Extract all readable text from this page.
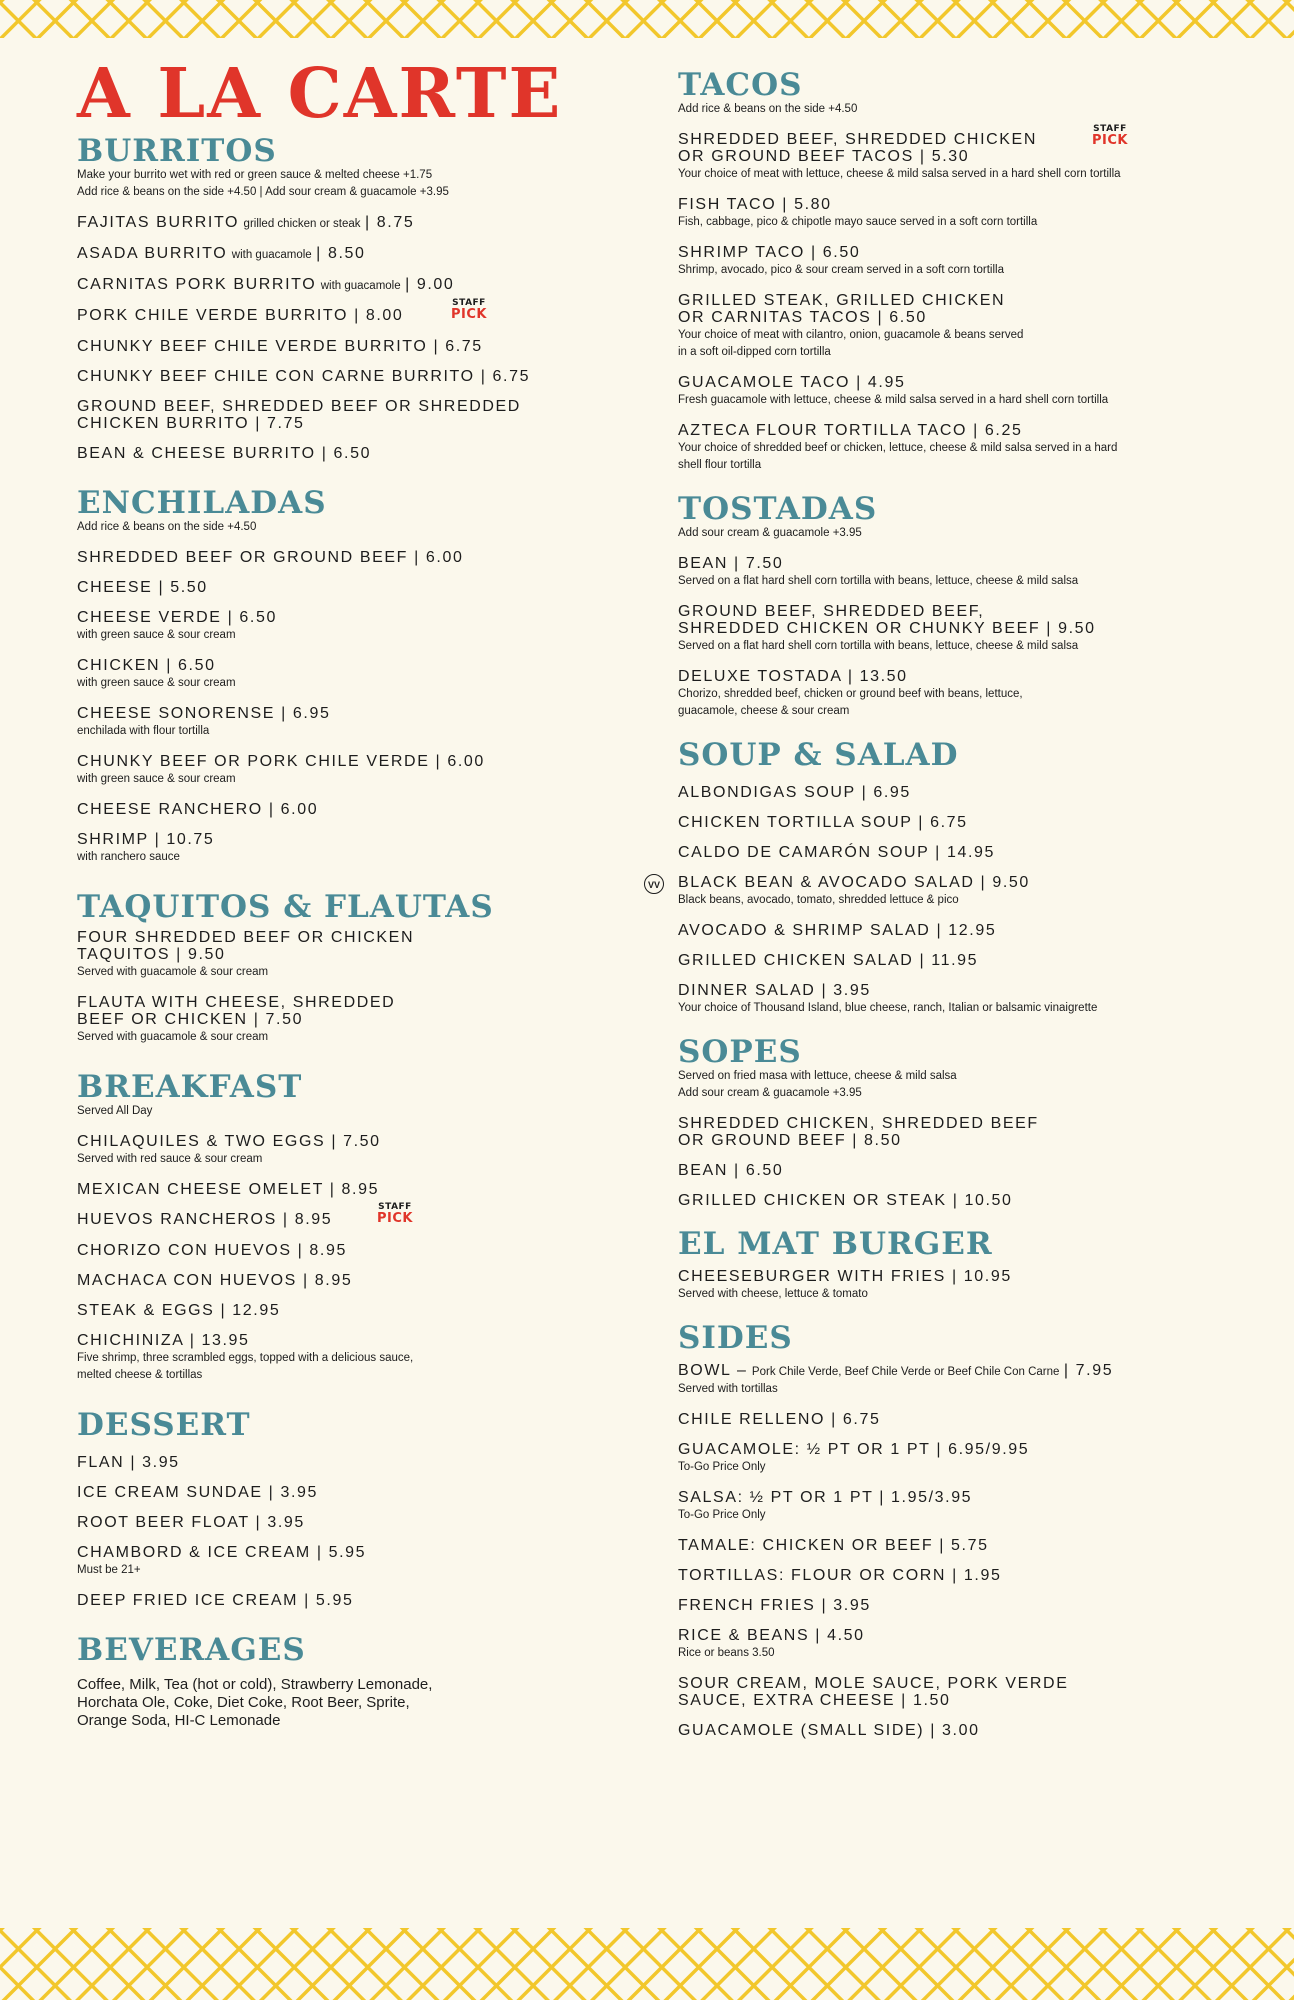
A LA CARTE
BURRITOS
Make your burrito wet with red or green sauce & melted cheese +1.75
Add rice & beans on the side +4.50 | Add sour cream & guacamole +3.95
FAJITAS BURRITO grilled chicken or steak | 8.75
ASADA BURRITO with guacamole | 8.50
CARNITAS PORK BURRITO with guacamole | 9.00
PORK CHILE VERDE BURRITO | 8.00
STAFF
PICK
CHUNKY BEEF CHILE VERDE BURRITO | 6.75
CHUNKY BEEF CHILE CON CARNE BURRITO | 6.75
GROUND BEEF, SHREDDED BEEF OR SHREDDED
CHICKEN BURRITO | 7.75
BEAN & CHEESE BURRITO | 6.50
ENCHILADAS
Add rice & beans on the side +4.50
SHREDDED BEEF OR GROUND BEEF | 6.00
CHEESE | 5.50
CHEESE VERDE | 6.50
with green sauce & sour cream
CHICKEN | 6.50
with green sauce & sour cream
CHEESE SONORENSE | 6.95
enchilada with flour tortilla
CHUNKY BEEF OR PORK CHILE VERDE | 6.00
with green sauce & sour cream
CHEESE RANCHERO | 6.00
SHRIMP | 10.75
with ranchero sauce
TAQUITOS & FLAUTAS
FOUR SHREDDED BEEF OR CHICKEN
TAQUITOS | 9.50
Served with guacamole & sour cream
FLAUTA WITH CHEESE, SHREDDED
BEEF OR CHICKEN | 7.50
Served with guacamole & sour cream
BREAKFAST
Served All Day
CHILAQUILES & TWO EGGS | 7.50
Served with red sauce & sour cream
MEXICAN CHEESE OMELET | 8.95
HUEVOS RANCHEROS | 8.95
STAFF
PICK
CHORIZO CON HUEVOS | 8.95
MACHACA CON HUEVOS | 8.95
STEAK & EGGS | 12.95
CHICHINIZA | 13.95
Five shrimp, three scrambled eggs, topped with a delicious sauce,
melted cheese & tortillas
DESSERT
FLAN | 3.95
ICE CREAM SUNDAE | 3.95
ROOT BEER FLOAT | 3.95
CHAMBORD & ICE CREAM | 5.95
Must be 21+
DEEP FRIED ICE CREAM | 5.95
BEVERAGES
Coffee, Milk, Tea (hot or cold), Strawberry Lemonade,
Horchata Ole, Coke, Diet Coke, Root Beer, Sprite,
Orange Soda, HI-C Lemonade
TACOS
Add rice & beans on the side +4.50
SHREDDED BEEF, SHREDDED CHICKEN
OR GROUND BEEF TACOS | 5.30
STAFF
PICK
Your choice of meat with lettuce, cheese & mild salsa served in a hard shell corn tortilla
FISH TACO | 5.80
Fish, cabbage, pico & chipotle mayo sauce served in a soft corn tortilla
SHRIMP TACO | 6.50
Shrimp, avocado, pico & sour cream served in a soft corn tortilla
GRILLED STEAK, GRILLED CHICKEN
OR CARNITAS TACOS | 6.50
Your choice of meat with cilantro, onion, guacamole & beans served
in a soft oil-dipped corn tortilla
GUACAMOLE TACO | 4.95
Fresh guacamole with lettuce, cheese & mild salsa served in a hard shell corn tortilla
AZTECA FLOUR TORTILLA TACO | 6.25
Your choice of shredded beef or chicken, lettuce, cheese & mild salsa served in a hard
shell flour tortilla
TOSTADAS
Add sour cream & guacamole +3.95
BEAN | 7.50
Served on a flat hard shell corn tortilla with beans, lettuce, cheese & mild salsa
GROUND BEEF, SHREDDED BEEF,
SHREDDED CHICKEN OR CHUNKY BEEF | 9.50
Served on a flat hard shell corn tortilla with beans, lettuce, cheese & mild salsa
DELUXE TOSTADA | 13.50
Chorizo, shredded beef, chicken or ground beef with beans, lettuce,
guacamole, cheese & sour cream
SOUP & SALAD
ALBONDIGAS SOUP | 6.95
CHICKEN TORTILLA SOUP | 6.75
CALDO DE CAMARÓN SOUP | 14.95
VV BLACK BEAN & AVOCADO SALAD | 9.50
Black beans, avocado, tomato, shredded lettuce & pico
AVOCADO & SHRIMP SALAD | 12.95
GRILLED CHICKEN SALAD | 11.95
DINNER SALAD | 3.95
Your choice of Thousand Island, blue cheese, ranch, Italian or balsamic vinaigrette
SOPES
Served on fried masa with lettuce, cheese & mild salsa
Add sour cream & guacamole +3.95
SHREDDED CHICKEN, SHREDDED BEEF
OR GROUND BEEF | 8.50
BEAN | 6.50
GRILLED CHICKEN OR STEAK | 10.50
EL MAT BURGER
CHEESEBURGER WITH FRIES | 10.95
Served with cheese, lettuce & tomato
SIDES
BOWL – Pork Chile Verde, Beef Chile Verde or Beef Chile Con Carne | 7.95
Served with tortillas
CHILE RELLENO | 6.75
GUACAMOLE: ½ PT OR 1 PT | 6.95/9.95
To-Go Price Only
SALSA: ½ PT OR 1 PT | 1.95/3.95
To-Go Price Only
TAMALE: CHICKEN OR BEEF | 5.75
TORTILLAS: FLOUR OR CORN | 1.95
FRENCH FRIES | 3.95
RICE & BEANS | 4.50
Rice or beans 3.50
SOUR CREAM, MOLE SAUCE, PORK VERDE
SAUCE, EXTRA CHEESE | 1.50
GUACAMOLE (SMALL SIDE) | 3.00
